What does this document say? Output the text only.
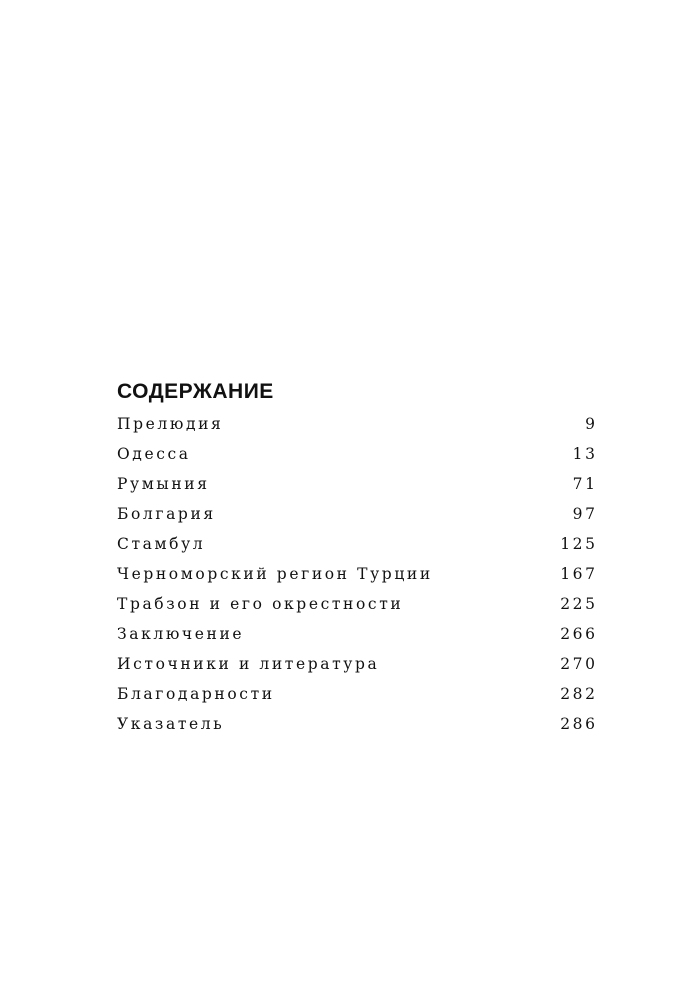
СОДЕРЖАНИЕ
Прелюдия	9
Одесса	13
Румыния	71
Болгария	97
Стамбул	125
Черноморский регион Турции	167
Трабзон и его окрестности	225
Заключение	266
Источники и литература	270
Благодарности	282
Указатель	286
